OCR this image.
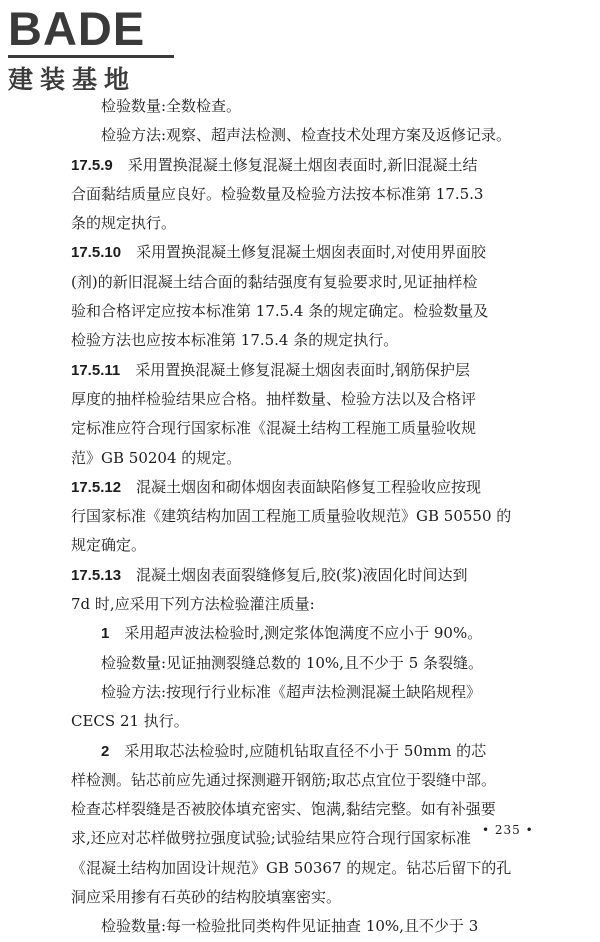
BADE
建装基地
检验数量:全数检查。
检验方法:观察、超声法检测、检查技术处理方案及返修记录。
17.5.9  采用置换混凝土修复混凝土烟囱表面时,新旧混凝土结
合面黏结质量应良好。检验数量及检验方法按本标准第 17.5.3
条的规定执行。
17.5.10  采用置换混凝土修复混凝土烟囱表面时,对使用界面胶
(剂)的新旧混凝土结合面的黏结强度有复验要求时,见证抽样检
验和合格评定应按本标准第 17.5.4 条的规定确定。检验数量及
检验方法也应按本标准第 17.5.4 条的规定执行。
17.5.11  采用置换混凝土修复混凝土烟囱表面时,钢筋保护层
厚度的抽样检验结果应合格。抽样数量、检验方法以及合格评
定标准应符合现行国家标准《混凝土结构工程施工质量验收规
范》GB 50204 的规定。
17.5.12  混凝土烟囱和砌体烟囱表面缺陷修复工程验收应按现
行国家标准《建筑结构加固工程施工质量验收规范》GB 50550 的
规定确定。
17.5.13  混凝土烟囱表面裂缝修复后,胶(浆)液固化时间达到
7d 时,应采用下列方法检验灌注质量:
1  采用超声波法检验时,测定浆体饱满度不应小于 90%。
检验数量:见证抽测裂缝总数的 10%,且不少于 5 条裂缝。
检验方法:按现行行业标准《超声法检测混凝土缺陷规程》
CECS 21 执行。
2  采用取芯法检验时,应随机钻取直径不小于 50mm 的芯
样检测。钻芯前应先通过探测避开钢筋;取芯点宜位于裂缝中部。
检查芯样裂缝是否被胶体填充密实、饱满,黏结完整。如有补强要
求,还应对芯样做劈拉强度试验;试验结果应符合现行国家标准
《混凝土结构加固设计规范》GB 50367 的规定。钻芯后留下的孔
洞应采用掺有石英砂的结构胶填塞密实。
检验数量:每一检验批同类构件见证抽查 10%,且不少于 3
• 235 •
